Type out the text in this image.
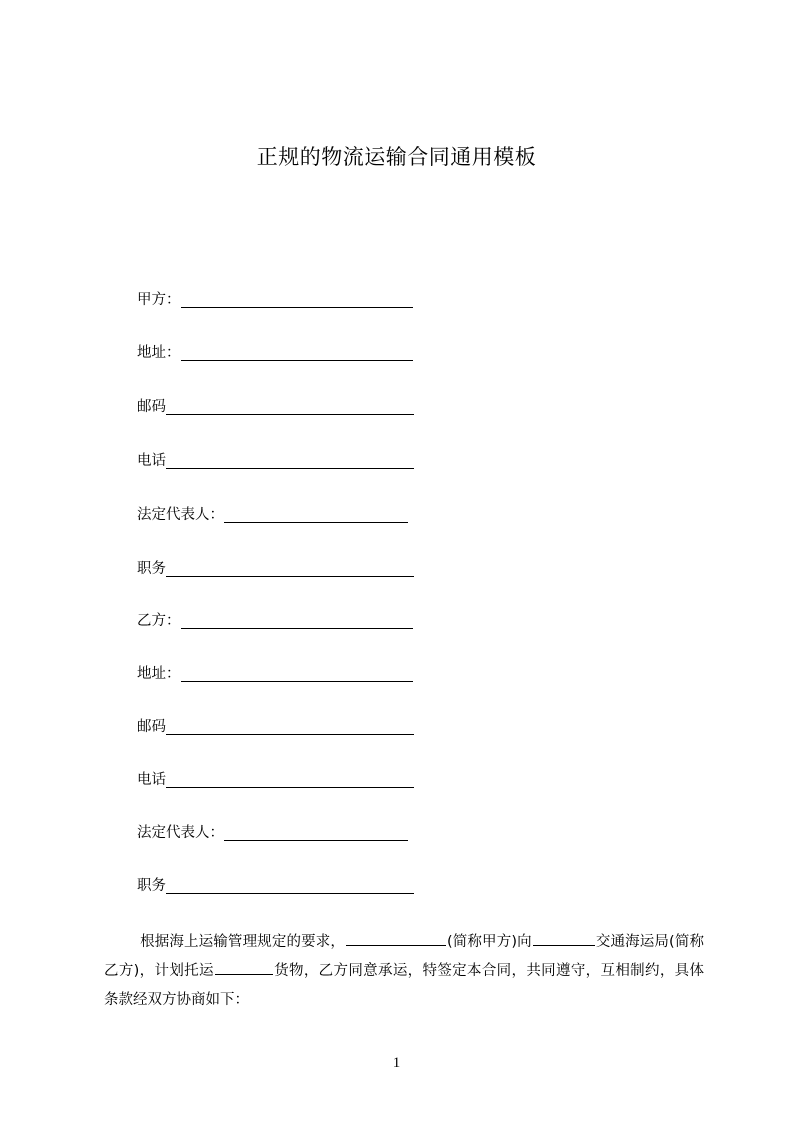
正规的物流运输合同通用模板
甲方：
地址：
邮码
电话
法定代表人：
职务
乙方：
地址：
邮码
电话
法定代表人：
职务

根据海上运输管理规定的要求，	(简称甲方)向	交通海运局(简称乙方)，计划托运	货物，乙方同意承运，特签定本合同，共同遵守，互相制约，具体条款经双方协商如下：

1
